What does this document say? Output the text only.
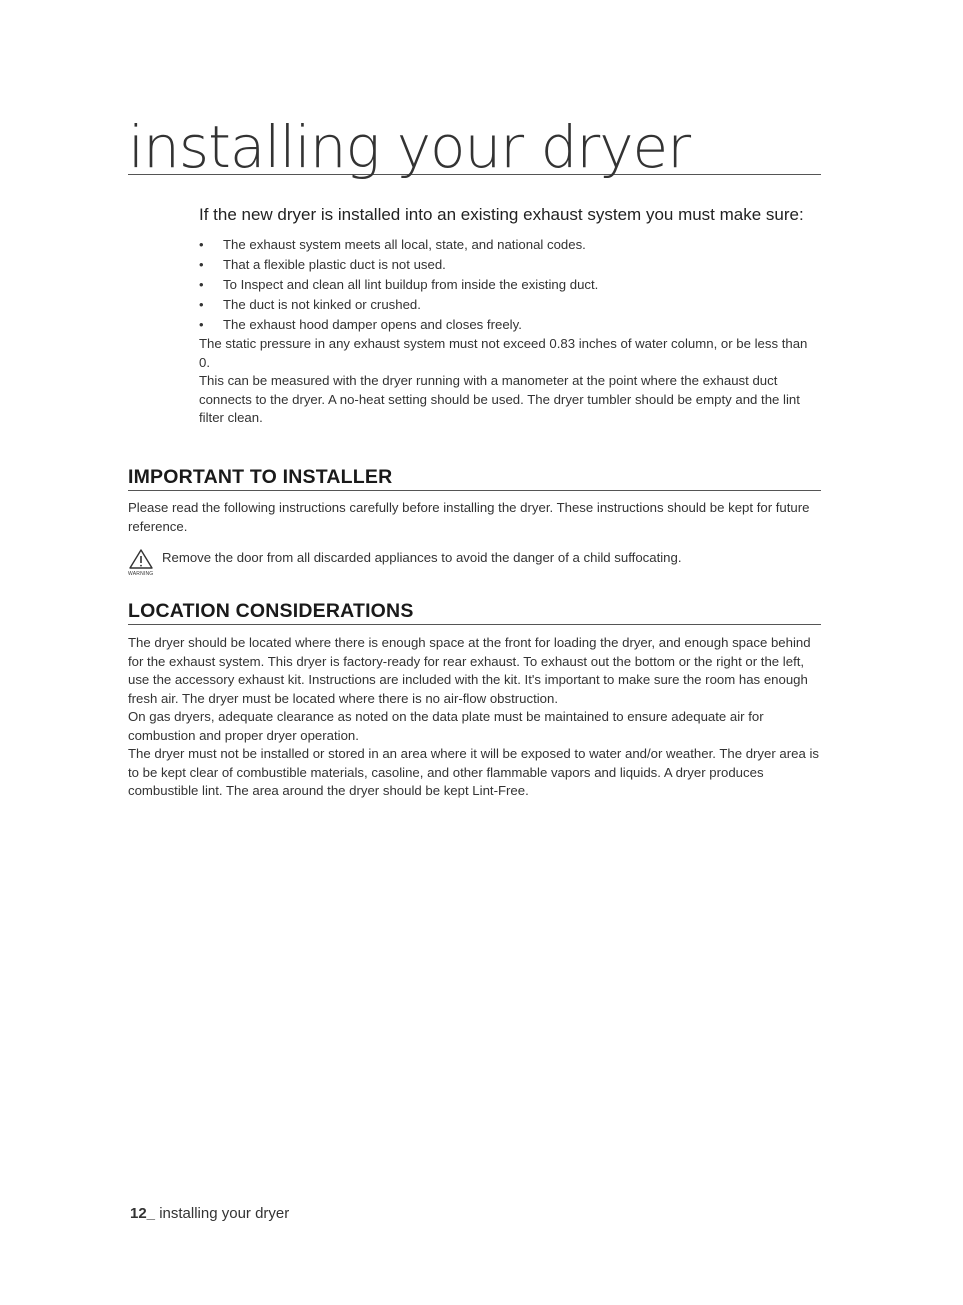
installing your dryer

If the new dryer is installed into an existing exhaust system you must make sure:

• The exhaust system meets all local, state, and national codes.
• That a flexible plastic duct is not used.
• To Inspect and clean all lint buildup from inside the existing duct.
• The duct is not kinked or crushed.
• The exhaust hood damper opens and closes freely.

The static pressure in any exhaust system must not exceed 0.83 inches of water column, or be less than 0.

This can be measured with the dryer running with a manometer at the point where the exhaust duct connects to the dryer. A no-heat setting should be used. The dryer tumbler should be empty and the lint filter clean.

IMPORTANT TO INSTALLER

Please read the following instructions carefully before installing the dryer. These instructions should be kept for future reference.

WARNING
Remove the door from all discarded appliances to avoid the danger of a child suffocating.
LOCATION CONSIDERATIONS

The dryer should be located where there is enough space at the front for loading the dryer, and enough space behind for the exhaust system. This dryer is factory-ready for rear exhaust. To exhaust out the bottom or the right or the left, use the accessory exhaust kit. Instructions are included with the kit. It's important to make sure the room has enough fresh air. The dryer must be located where there is no air-flow obstruction.

On gas dryers, adequate clearance as noted on the data plate must be maintained to ensure adequate air for combustion and proper dryer operation.

The dryer must not be installed or stored in an area where it will be exposed to water and/or weather. The dryer area is to be kept clear of combustible materials, casoline, and other flammable vapors and liquids. A dryer produces combustible lint. The area around the dryer should be kept Lint-Free.

12_ installing your dryer
